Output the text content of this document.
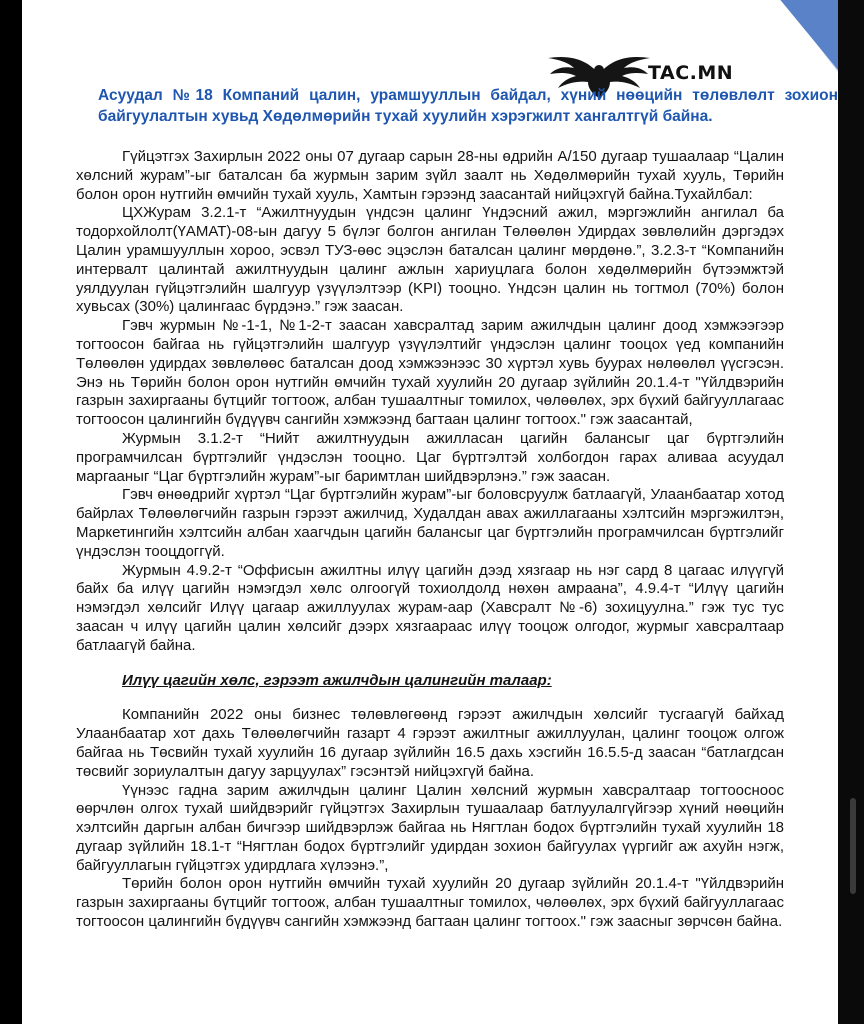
24
TAC.MN
Асуудал №18 Компаний цалин, урамшууллын байдал, хүний нөөцийн төлөвлөлт зохион байгуулалтын хувьд Хөдөлмөрийн тухай хуулийн хэрэгжилт хангалтгүй байна.

Гүйцэтгэх Захирлын 2022 оны 07 дугаар сарын 28-ны өдрийн А/150 дугаар тушаалаар “Цалин хөлсний журам”-ыг баталсан ба журмын зарим зүйл заалт нь Хөдөлмөрийн тухай хууль, Төрийн болон орон нутгийн өмчийн тухай хууль, Хамтын гэрээнд заасантай нийцэхгүй байна.Тухайлбал:

ЦХЖурам 3.2.1-т “Ажилтнуудын үндсэн цалинг Үндэсний ажил, мэргэжлийн ангилал ба тодорхойлолт(ҮАМАТ)-08-ын дагуу 5 бүлэг болгон ангилан Төлөөлөн Удирдах зөвлөлийн дэргэдэх Цалин урамшууллын хороо, эсвэл ТУЗ-өөс эцэслэн баталсан цалинг мөрдөнө.”, 3.2.3-т “Компанийн интервалт цалинтай ажилтнуудын цалинг ажлын хариуцлага болон хөдөлмөрийн бүтээмжтэй уялдуулан гүйцэтгэлийн шалгуур үзүүлэлтээр (KPI) тооцно. Үндсэн цалин нь тогтмол (70%) болон хувьсах (30%) цалингаас бүрдэнэ.” гэж заасан.

Гэвч журмын №-1-1, №1-2-т заасан хавсралтад зарим ажилчдын цалинг доод хэмжээгээр тогтоосон байгаа нь гүйцэтгэлийн шалгуур үзүүлэлтийг үндэслэн цалинг тооцох үед компанийн Төлөөлөн удирдах зөвлөлөөс баталсан доод хэмжээнээс 30 хүртэл хувь буурах нөлөөлөл үүсгэсэн. Энэ нь Төрийн болон орон нутгийн өмчийн тухай хуулийн 20 дугаар зүйлийн 20.1.4-т "Үйлдвэрийн газрын захиргааны бүтцийг тогтоож, албан тушаалтныг томилох, чөлөөлөх, эрх бүхий байгууллагаас тогтоосон цалингийн бүдүүвч сангийн хэмжээнд багтаан цалинг тогтоох." гэж заасантай,

Журмын 3.1.2-т “Нийт ажилтнуудын ажилласан цагийн балансыг цаг бүртгэлийн програмчилсан бүртгэлийг үндэслэн тооцно. Цаг бүртгэлтэй холбогдон гарах аливаа асуудал маргааныг “Цаг бүртгэлийн журам”-ыг баримтлан шийдвэрлэнэ.” гэж заасан.

Гэвч өнөөдрийг хүртэл “Цаг бүртгэлийн журам”-ыг боловсруулж батлаагүй, Улаанбаатар хотод байрлах Төлөөлөгчийн газрын гэрээт ажилчид, Худалдан авах ажиллагааны хэлтсийн мэргэжилтэн, Маркетингийн хэлтсийн албан хаагчдын цагийн балансыг цаг бүртгэлийн програмчилсан бүртгэлийг үндэслэн тооцдоггүй.

Журмын 4.9.2-т “Оффисын ажилтны илүү цагийн дээд хязгаар нь нэг сард 8 цагаас илүүгүй байх ба илүү цагийн нэмэгдэл хөлс олгоогүй тохиолдолд нөхөн амраана”, 4.9.4-т “Илүү цагийн нэмэгдэл хөлсийг Илүү цагаар ажиллуулах журам-аар (Хавсралт №-6) зохицуулна.” гэж тус тус заасан ч илүү цагийн цалин хөлсийг дээрх хязгаараас илүү тооцож олгодог, журмыг хавсралтаар батлаагүй байна.

Илүү цагийн хөлс, гэрээт ажилчдын цалингийн талаар:

Компанийн 2022 оны бизнес төлөвлөгөөнд гэрээт ажилчдын хөлсийг тусгаагүй байхад Улаанбаатар хот дахь Төлөөлөгчийн газарт 4 гэрээт ажилтныг ажиллуулан, цалинг тооцож олгож байгаа нь Төсвийн тухай хуулийн 16 дугаар зүйлийн 16.5 дахь хэсгийн 16.5.5-д заасан “батлагдсан төсвийг зориулалтын дагуу зарцуулах” гэсэнтэй нийцэхгүй байна.

Үүнээс гадна зарим ажилчдын цалинг Цалин хөлсний журмын хавсралтаар тогтоосноос өөрчлөн олгох тухай шийдвэрийг гүйцэтгэх Захирлын тушаалаар батлуулалгүйгээр хүний нөөцийн хэлтсийн даргын албан бичгээр шийдвэрлэж байгаа нь Нягтлан бодох бүртгэлийн тухай хуулийн 18 дугаар зүйлийн 18.1-т “Нягтлан бодох бүртгэлийг удирдан зохион байгуулах үүргийг аж ахуйн нэгж, байгууллагын гүйцэтгэх удирдлага хүлээнэ.”,

Төрийн болон орон нутгийн өмчийн тухай хуулийн 20 дугаар зүйлийн 20.1.4-т "Үйлдвэрийн газрын захиргааны бүтцийг тогтоож, албан тушаалтныг томилох, чөлөөлөх, эрх бүхий байгууллагаас тогтоосон цалингийн бүдүүвч сангийн хэмжээнд багтаан цалинг тогтоох." гэж заасныг зөрчсөн байна.
